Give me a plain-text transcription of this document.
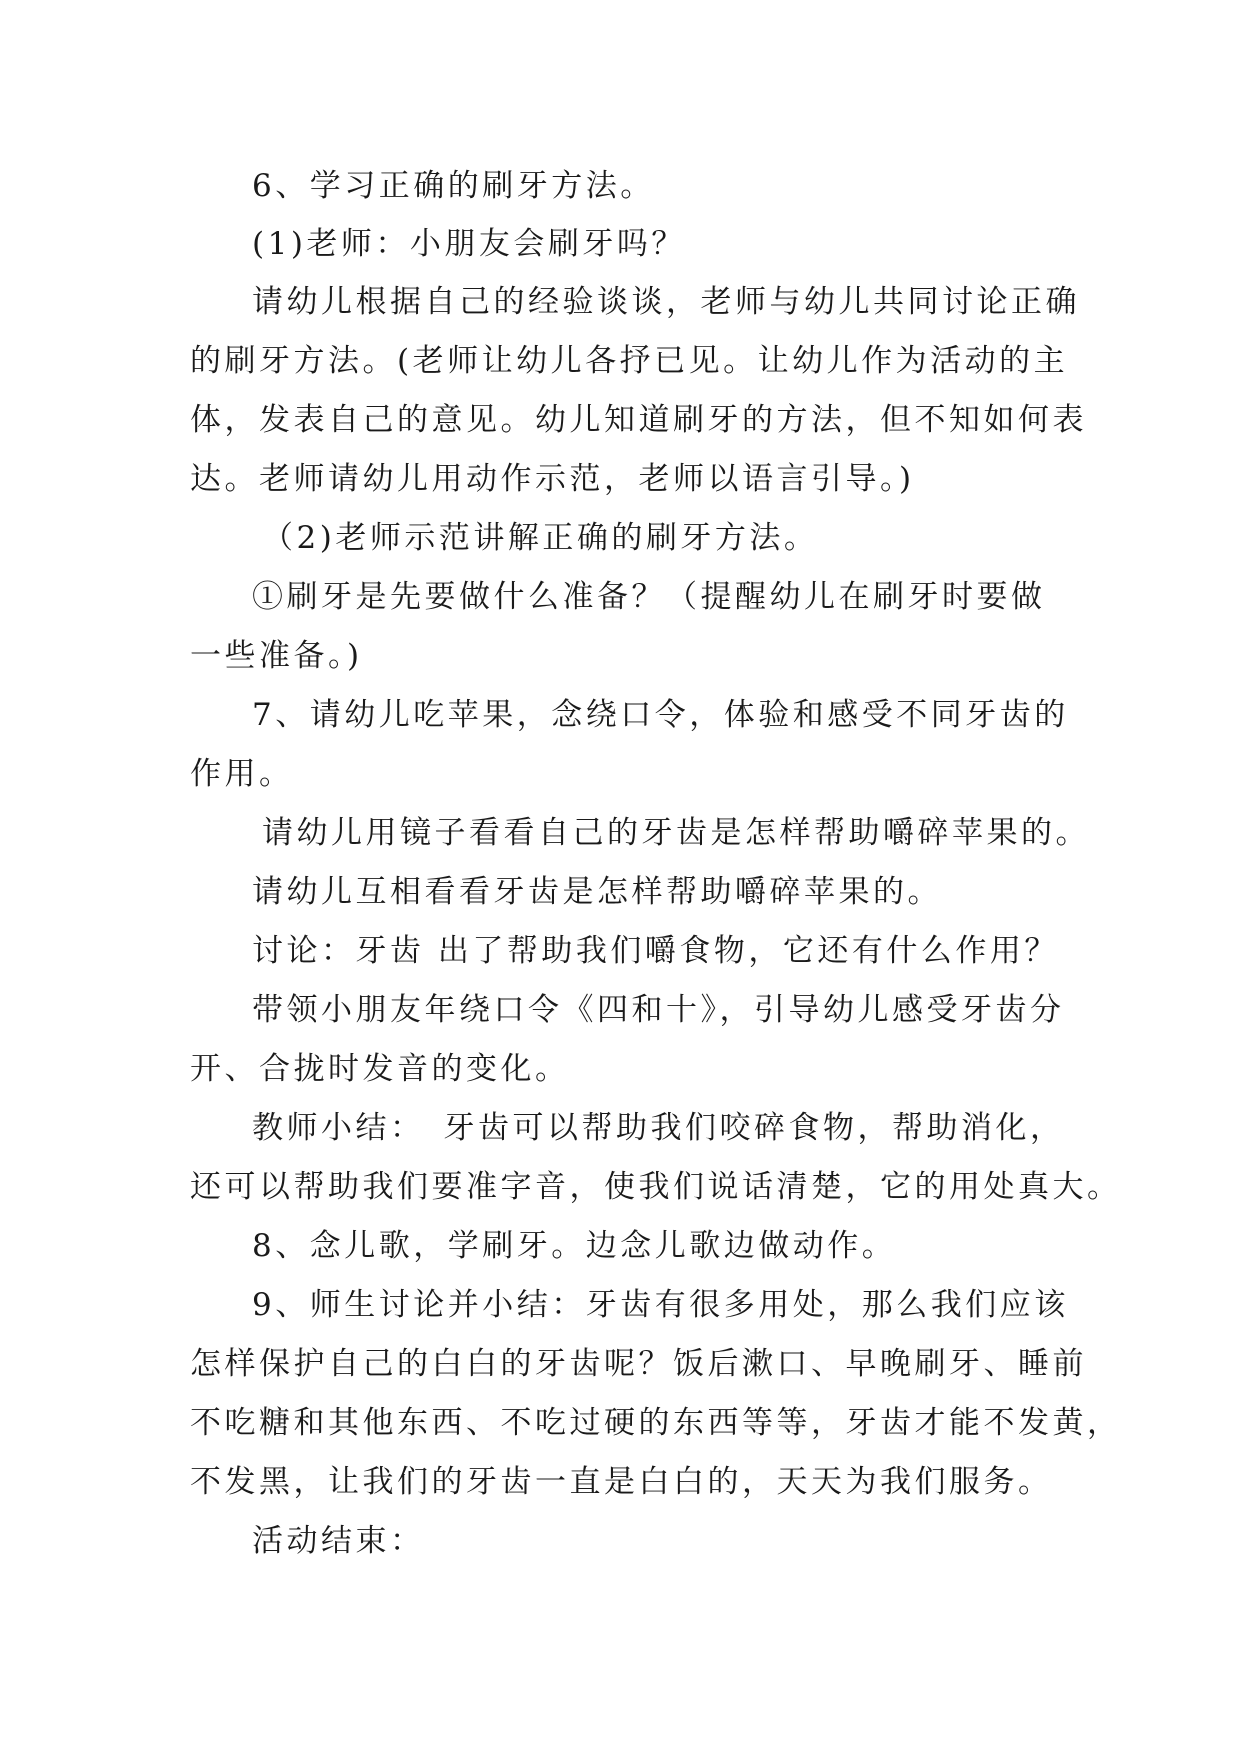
6、学习正确的刷牙方法。
(1)老师：小朋友会刷牙吗？
请幼儿根据自己的经验谈谈，老师与幼儿共同讨论正确
的刷牙方法。(老师让幼儿各抒已见。让幼儿作为活动的主
体，发表自己的意见。幼儿知道刷牙的方法，但不知如何表
达。老师请幼儿用动作示范，老师以语言引导。)
（2)老师示范讲解正确的刷牙方法。
①刷牙是先要做什么准备？（提醒幼儿在刷牙时要做
一些准备。)
7、请幼儿吃苹果，念绕口令，体验和感受不同牙齿的
作用。
请幼儿用镜子看看自己的牙齿是怎样帮助嚼碎苹果的。
请幼儿互相看看牙齿是怎样帮助嚼碎苹果的。
讨论：牙齿 出了帮助我们嚼食物，它还有什么作用？
带领小朋友年绕口令《四和十》，引导幼儿感受牙齿分
开、合拢时发音的变化。
教师小结：　牙齿可以帮助我们咬碎食物，帮助消化，
还可以帮助我们要准字音，使我们说话清楚，它的用处真大。
8、念儿歌，学刷牙。边念儿歌边做动作。
9、师生讨论并小结：牙齿有很多用处，那么我们应该
怎样保护自己的白白的牙齿呢？饭后漱口、早晚刷牙、睡前
不吃糖和其他东西、不吃过硬的东西等等，牙齿才能不发黄，
不发黑，让我们的牙齿一直是白白的，天天为我们服务。
活动结束：
